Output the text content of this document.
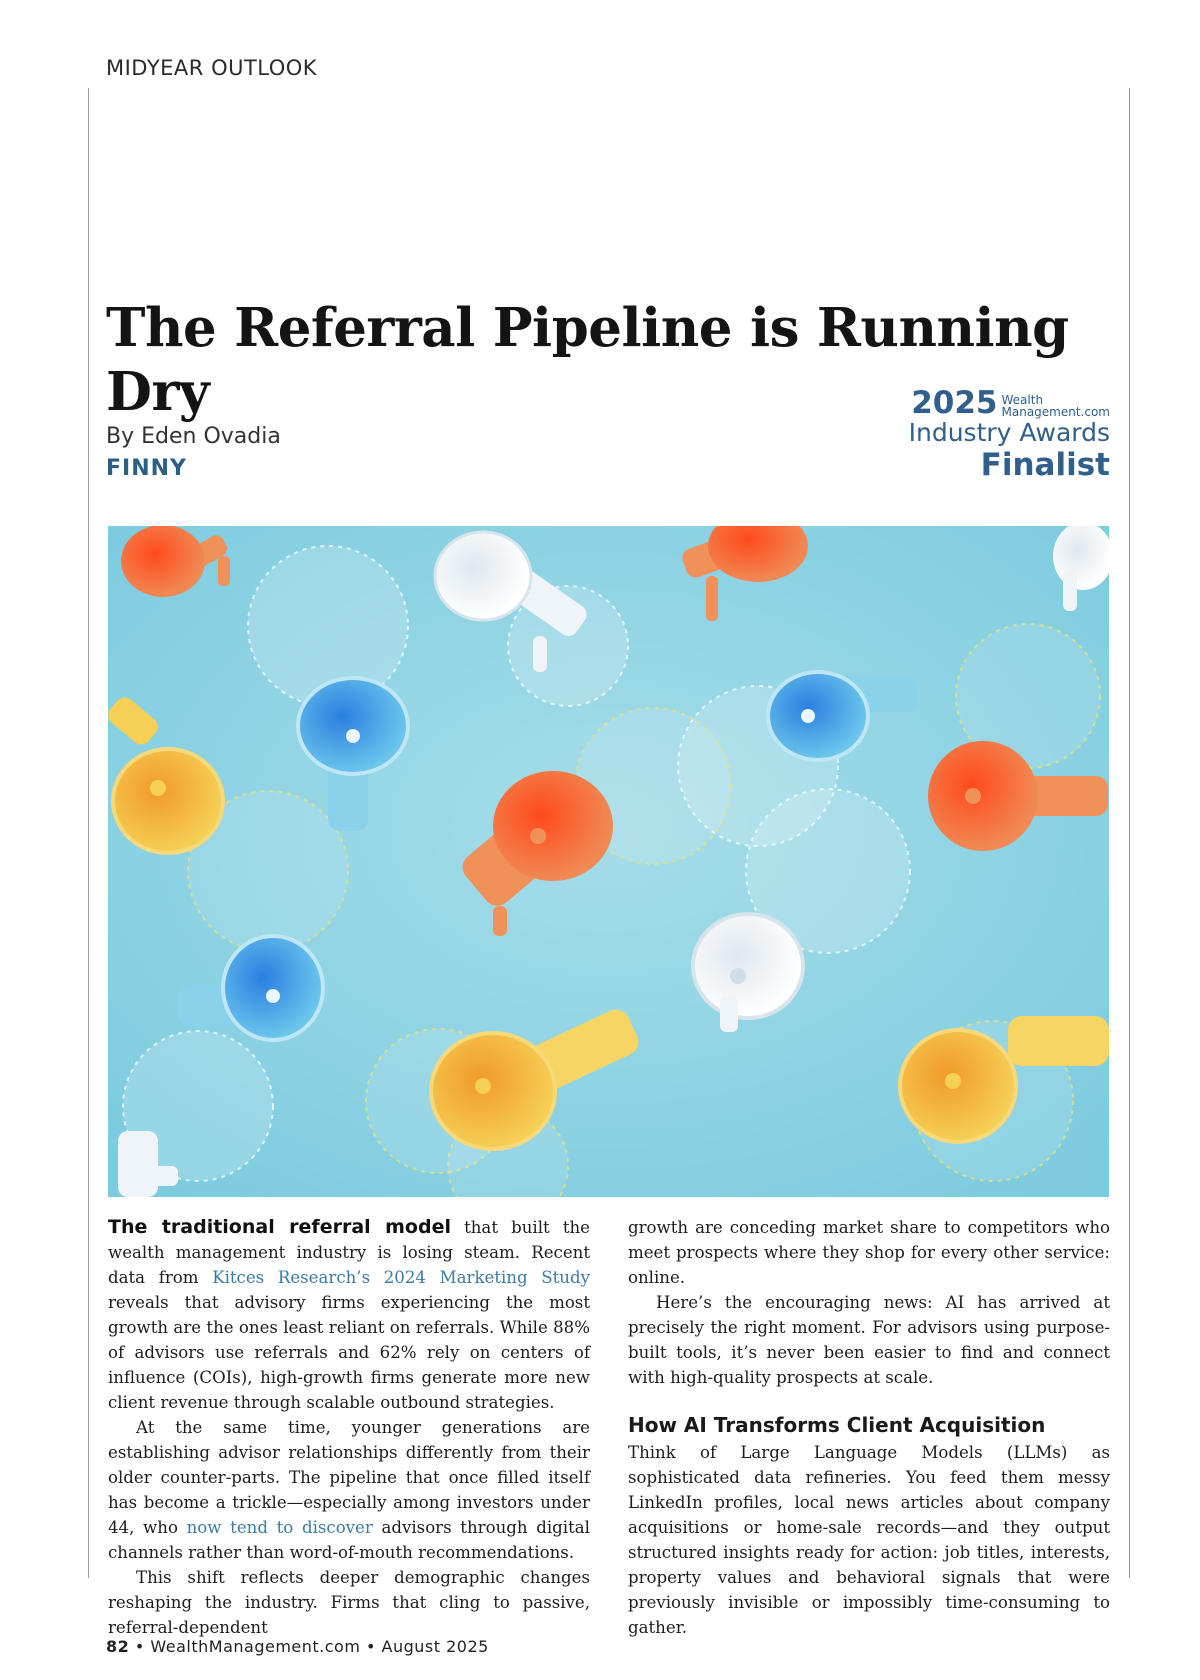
MIDYEAR OUTLOOK
The Referral Pipeline is Running Dry
By Eden Ovadia
FINNY
2025 Wealth
Management.com
Industry Awards
Finalist

The traditional referral model that built the wealth management industry is losing steam. Recent data from Kitces Research’s 2024 Marketing Study reveals that advisory firms experiencing the most growth are the ones least reliant on referrals. While 88% of advisors use referrals and 62% rely on centers of influence (COIs), high-growth firms generate more new client revenue through scalable outbound strategies.

At the same time, younger generations are establishing advisor relationships differently from their older counter-parts. The pipeline that once filled itself has become a trickle—especially among investors under 44, who now tend to discover advisors through digital channels rather than word-of-mouth recommendations.

This shift reflects deeper demographic changes reshaping the industry. Firms that cling to passive, referral-dependent

growth are conceding market share to competitors who meet prospects where they shop for every other service: online.

Here’s the encouraging news: AI has arrived at precisely the right moment. For advisors using purpose-built tools, it’s never been easier to find and connect with high-quality prospects at scale.

How AI Transforms Client Acquisition

Think of Large Language Models (LLMs) as sophisticated data refineries. You feed them messy LinkedIn profiles, local news articles about company acquisitions or home-sale records—and they output structured insights ready for action: job titles, interests, property values and behavioral signals that were previously invisible or impossibly time-consuming to gather.

82 • WealthManagement.com • August 2025
